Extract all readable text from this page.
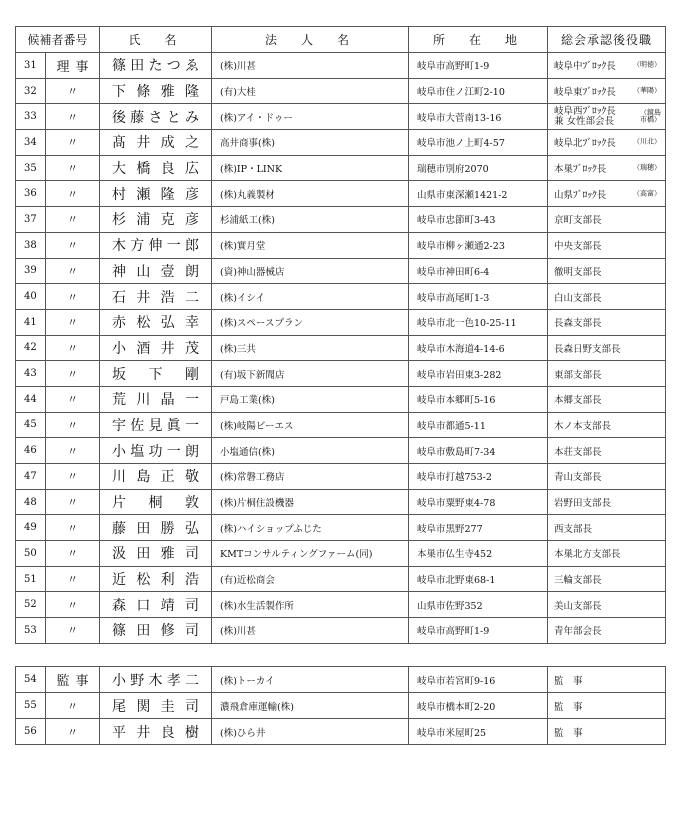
候補者番号		氏　名	法　人　名	所　在　地	総会承認後役職
31	理事	篠田たつゑ	(株)川甚	岐阜市高野町1-9	岐阜中ﾌﾞﾛｯｸ長 （明徳）

32	〃	下條雅隆	(有)大桂	岐阜市住ノ江町2-10	岐阜東ﾌﾞﾛｯｸ長 （華陽）

33	〃	後藤さとみ	(株)アイ・ドゥー	岐阜市大菅南13-16	岐阜西ﾌﾞﾛｯｸ長
兼 女性部会長
（鏡島
市橋）

34	〃	髙井成之	高井商事(株)	岐阜市池ノ上町4-57	岐阜北ﾌﾞﾛｯｸ長 （川北）

35	〃	大橋良広	(株)IP・LINK	瑞穂市別府2070	本巣ﾌﾞﾛｯｸ長 （瑞穂）

36	〃	村瀬隆彦	(株)丸義製材	山県市東深瀬1421-2	山県ﾌﾞﾛｯｸ長 （高富）

37	〃	杉浦克彦	杉浦紙工(株)	岐阜市忠節町3-43	京町支部長
38	〃	木方伸一郎	(株)實月堂	岐阜市柳ヶ瀬通2-23	中央支部長
39	〃	神山壹朗	(資)神山器械店	岐阜市神田町6-4	徹明支部長
40	〃	石井浩二	(株)イシイ	岐阜市高尾町1-3	白山支部長
41	〃	赤松弘幸	(株)スペースプラン	岐阜市北一色10-25-11	長森支部長
42	〃	小酒井茂	(株)三共	岐阜市木海道4-14-6	長森日野支部長
43	〃	坂下剛	(有)坂下新聞店	岐阜市岩田東3-282	東部支部長
44	〃	荒川晶一	戸島工業(株)	岐阜市本郷町5-16	本郷支部長
45	〃	宇佐見眞一	(株)岐陽ビーエス	岐阜市都通5-11	木ノ本支部長
46	〃	小塩功一朗	小塩通信(株)	岐阜市敷島町7-34	本荘支部長
47	〃	川島正敬	(株)常磐工務店	岐阜市打越753-2	青山支部長
48	〃	片桐敦	(株)片桐住設機器	岐阜市粟野東4-78	岩野田支部長
49	〃	藤田勝弘	(株)ハイショップふじた	岐阜市黒野277	西支部長
50	〃	汲田雅司	KMTコンサルティングファーム(同)	本巣市仏生寺452	本巣北方支部長
51	〃	近松利浩	(有)近松商会	岐阜市北野東68-1	三輪支部長
52	〃	森口靖司	(株)水生活製作所	山県市佐野352	美山支部長
53	〃	篠田修司	(株)川甚	岐阜市高野町1-9	青年部会長
54	監事	小野木孝二	(株)トーカイ	岐阜市若宮町9-16	監　事
55	〃	尾関圭司	濃飛倉庫運輸(株)	岐阜市橋本町2-20	監　事
56	〃	平井良樹	(株)ひら井	岐阜市米屋町25	監　事
